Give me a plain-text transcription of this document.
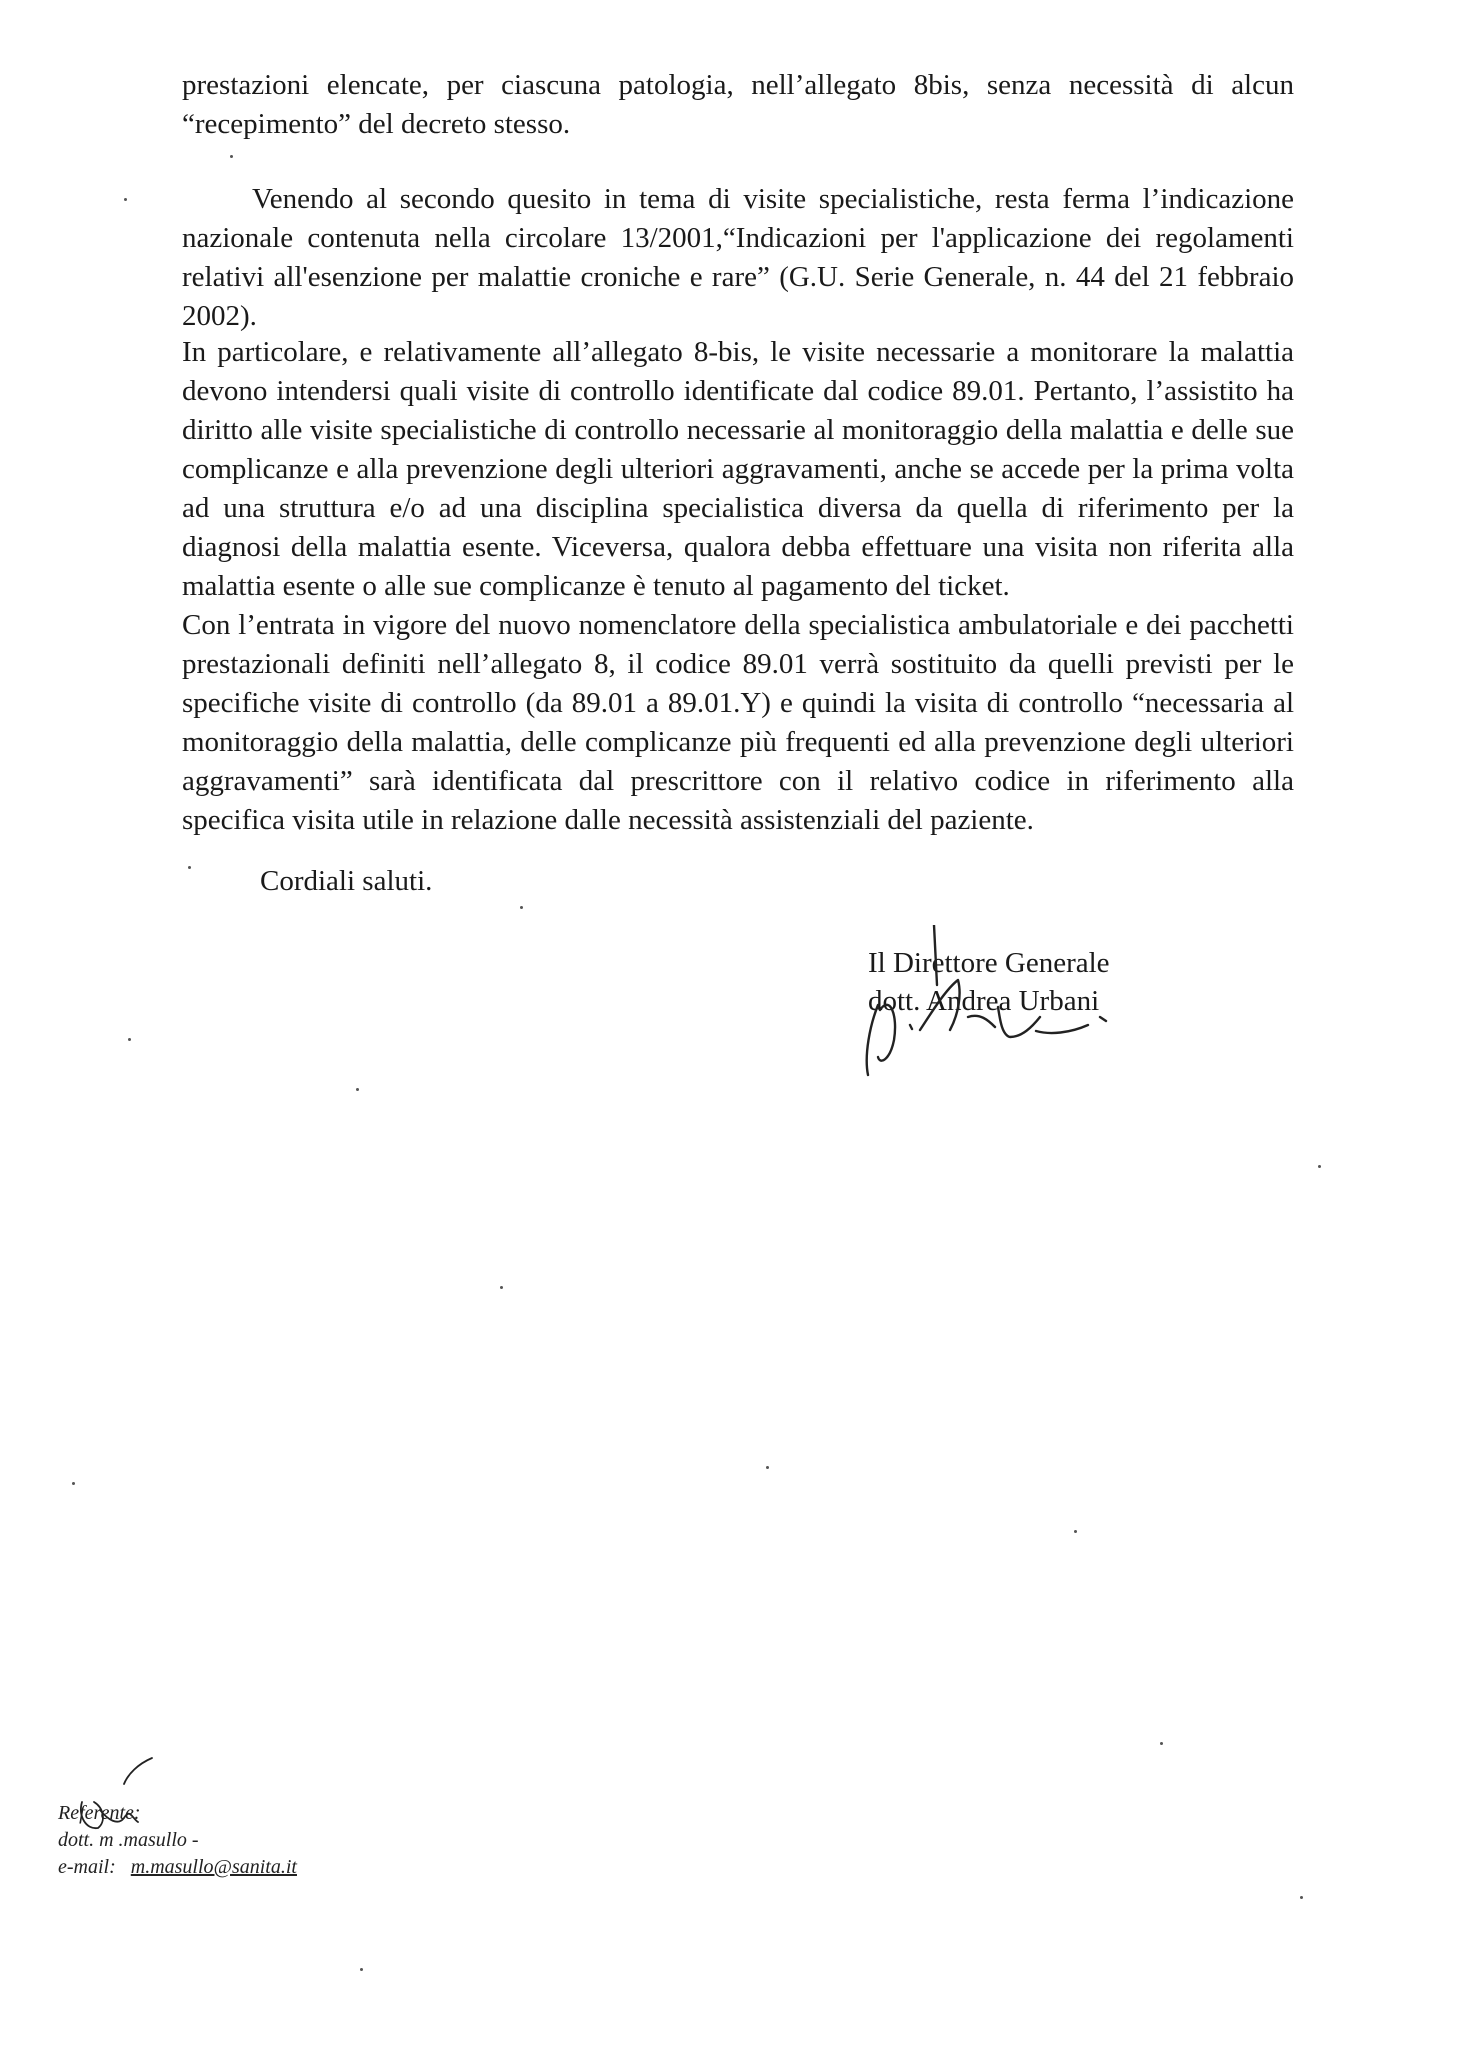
prestazioni elencate, per ciascuna patologia, nell’allegato 8bis, senza necessità di alcun “recepimento” del decreto stesso.

Venendo al secondo quesito in tema di visite specialistiche, resta ferma l’indicazione nazionale contenuta nella circolare 13/2001,“Indicazioni per l'applicazione dei regolamenti relativi all'esenzione per malattie croniche e rare” (G.U. Serie Generale, n. 44 del 21 febbraio 2002).

In particolare, e relativamente all’allegato 8-bis, le visite necessarie a monitorare la malattia devono intendersi quali visite di controllo identificate dal codice 89.01. Pertanto, l’assistito ha diritto alle visite specialistiche di controllo necessarie al monitoraggio della malattia e delle sue complicanze e alla prevenzione degli ulteriori aggravamenti, anche se accede per la prima volta ad una struttura e/o ad una disciplina specialistica diversa da quella di riferimento per la diagnosi della malattia esente. Viceversa, qualora debba effettuare una visita non riferita alla malattia esente o alle sue complicanze è tenuto al pagamento del ticket.

Con l’entrata in vigore del nuovo nomenclatore della specialistica ambulatoriale e dei pacchetti prestazionali definiti nell’allegato 8, il codice 89.01 verrà sostituito da quelli previsti per le specifiche visite di controllo (da 89.01 a 89.01.Y) e quindi la visita di controllo “necessaria al monitoraggio della malattia, delle complicanze più frequenti ed alla prevenzione degli ulteriori aggravamenti” sarà identificata dal prescrittore con il relativo codice in riferimento alla specifica visita utile in relazione dalle necessità assistenziali del paziente.

Cordiali saluti.

Il Direttore Generale
dott. Andrea Urbani
Referente:
dott. m .masullo -
e-mail: m.masullo@sanita.it
